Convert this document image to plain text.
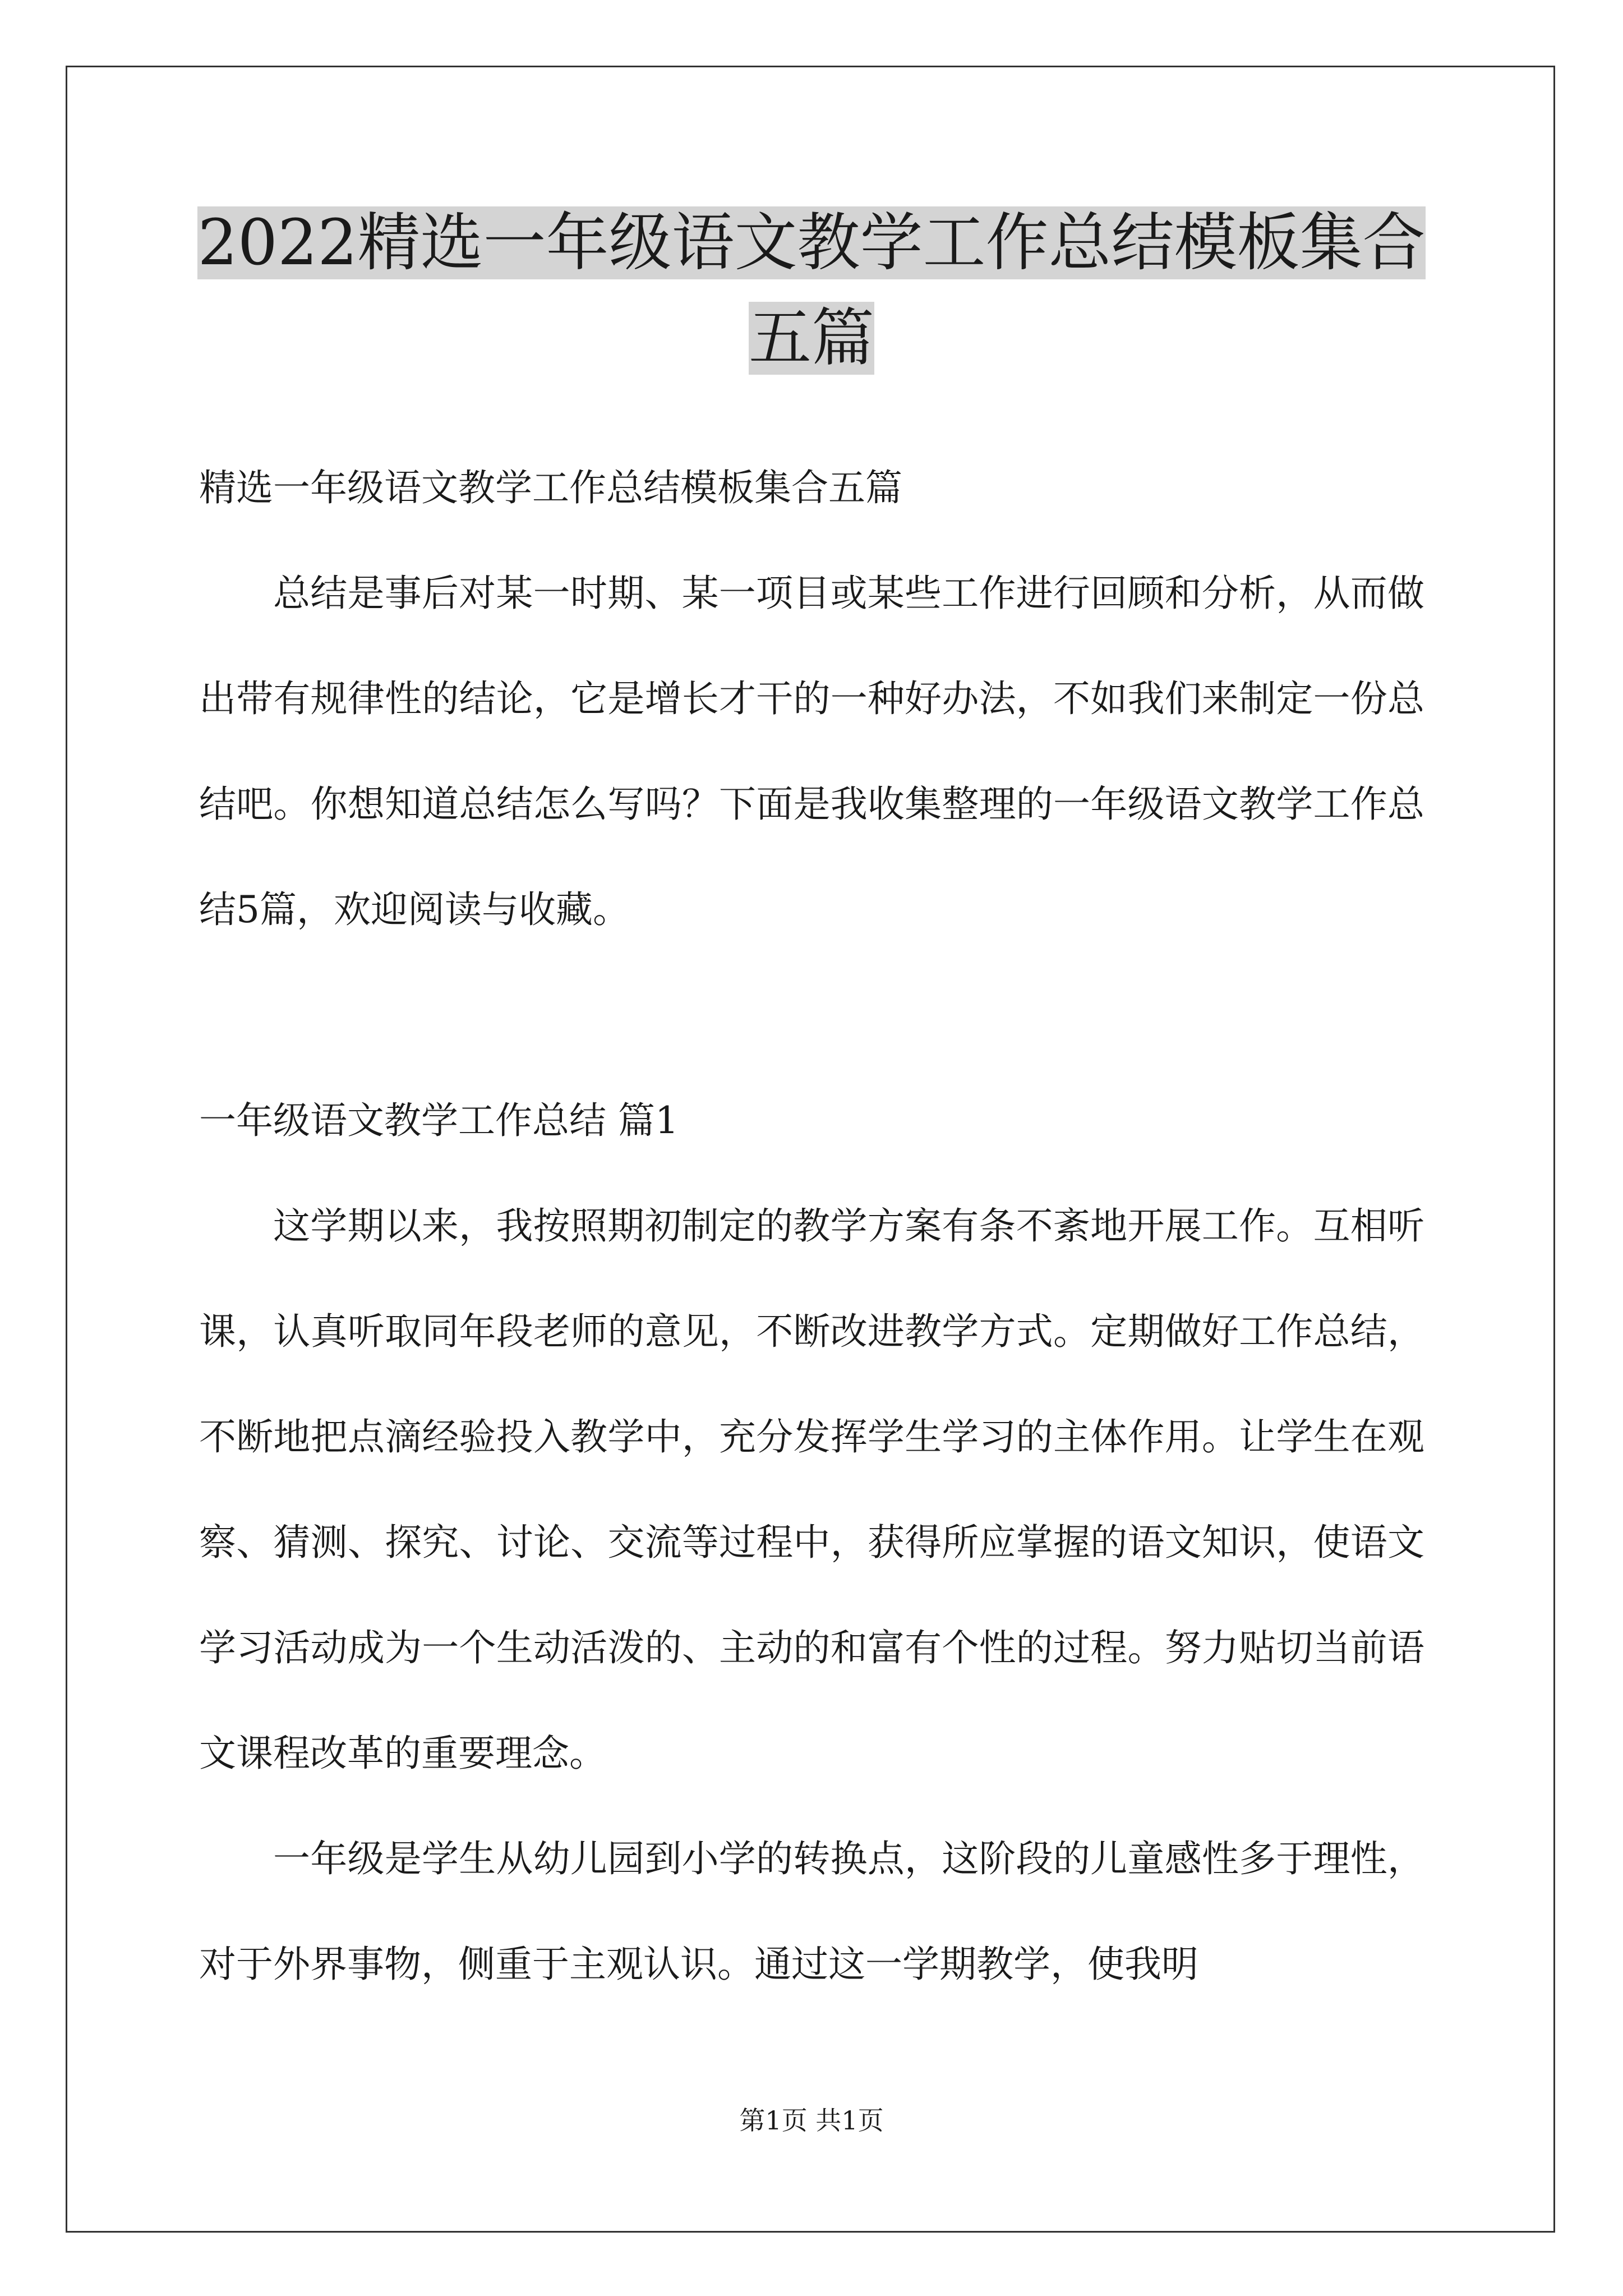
2022精选一年级语文教学工作总结模板集合五篇

精选一年级语文教学工作总结模板集合五篇

总结是事后对某一时期、某一项目或某些工作进行回顾和分析，从而做出带有规律性的结论，它是增长才干的一种好办法，不如我们来制定一份总结吧。你想知道总结怎么写吗？下面是我收集整理的一年级语文教学工作总结5篇，欢迎阅读与收藏。

一年级语文教学工作总结 篇1

这学期以来，我按照期初制定的教学方案有条不紊地开展工作。互相听课，认真听取同年段老师的意见，不断改进教学方式。定期做好工作总结，不断地把点滴经验投入教学中，充分发挥学生学习的主体作用。让学生在观察、猜测、探究、讨论、交流等过程中，获得所应掌握的语文知识，使语文学习活动成为一个生动活泼的、主动的和富有个性的过程。努力贴切当前语文课程改革的重要理念。

一年级是学生从幼儿园到小学的转换点，这阶段的儿童感性多于理性，对于外界事物，侧重于主观认识。通过这一学期教学，使我明

第1页 共1页
